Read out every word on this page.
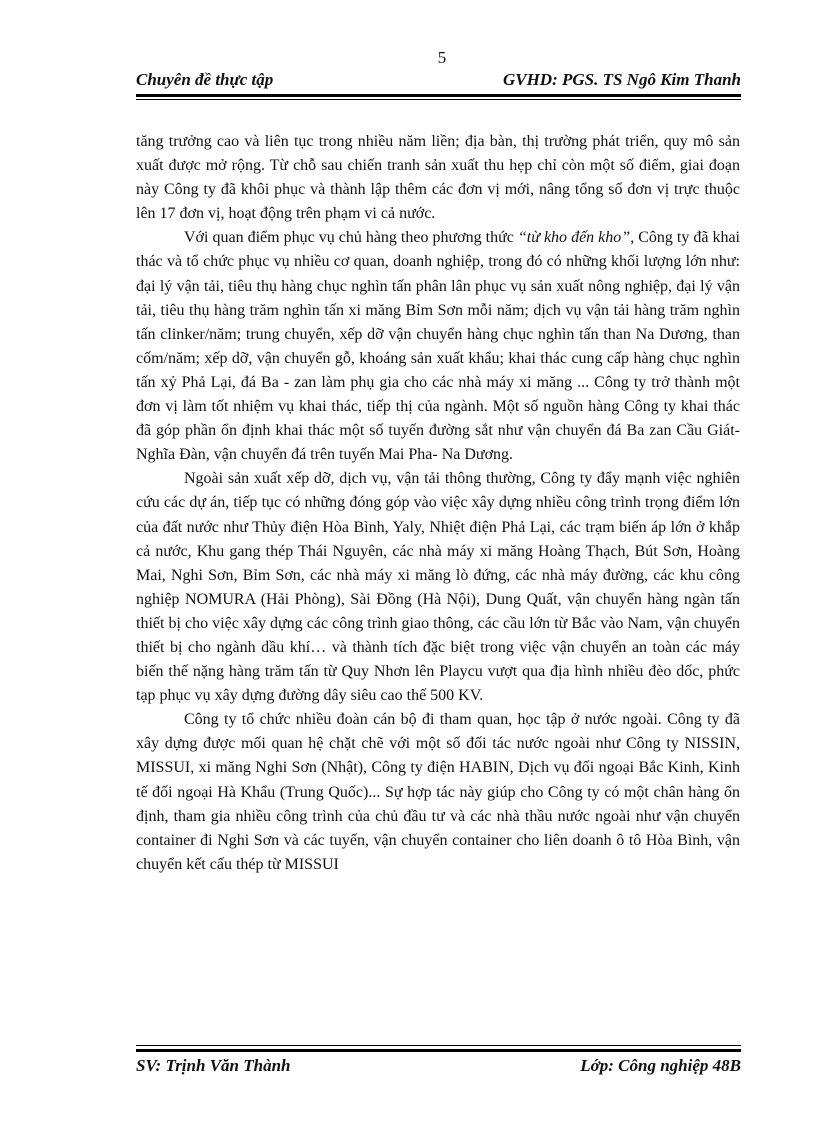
5
Chuyên đề thực tập	GVHD: PGS. TS Ngô Kim Thanh

tăng trưởng cao và liên tục trong nhiều năm liền; địa bàn, thị trường phát triển, quy mô sản xuất được mở rộng. Từ chỗ sau chiến tranh sản xuất thu hẹp chỉ còn một số điểm, giai đoạn này Công ty đã khôi phục và thành lập thêm các đơn vị mới, nâng tổng số đơn vị trực thuộc lên 17 đơn vị, hoạt động trên phạm vi cả nước.

Với quan điểm phục vụ chủ hàng theo phương thức “từ kho đến kho”, Công ty đã khai thác và tổ chức phục vụ nhiều cơ quan, doanh nghiệp, trong đó có những khối lượng lớn như: đại lý vận tải, tiêu thụ hàng chục nghìn tấn phân lân phục vụ sản xuất nông nghiệp, đại lý vận tải, tiêu thụ hàng trăm nghìn tấn xi măng Bỉm Sơn mỗi năm; dịch vụ vận tải hàng trăm nghìn tấn clinker/năm; trung chuyển, xếp dỡ vận chuyển hàng chục nghìn tấn than Na Dương, than cốm/năm; xếp dỡ, vận chuyển gỗ, khoáng sản xuất khẩu; khai thác cung cấp hàng chục nghìn tấn xỷ Phả Lại, đá Ba - zan làm phụ gia cho các nhà máy xi măng ... Công ty trở thành một đơn vị làm tốt nhiệm vụ khai thác, tiếp thị của ngành. Một số nguồn hàng Công ty khai thác đã góp phần ổn định khai thác một số tuyến đường sắt như vận chuyển đá Ba zan Cầu Giát- Nghĩa Đàn, vận chuyển đá trên tuyến Mai Pha- Na Dương.

Ngoài sản xuất xếp dỡ, dịch vụ, vận tải thông thường, Công ty đẩy mạnh việc nghiên cứu các dự án, tiếp tục có những đóng góp vào việc xây dựng nhiều công trình trọng điểm lớn của đất nước như Thủy điện Hòa Bình, Yaly, Nhiệt điện Phả Lại, các trạm biến áp lớn ở khắp cả nước, Khu gang thép Thái Nguyên, các nhà máy xi măng Hoàng Thạch, Bút Sơn, Hoàng Mai, Nghi Sơn, Bỉm Sơn, các nhà máy xi măng lò đứng, các nhà máy đường, các khu công nghiệp NOMURA (Hải Phòng), Sài Đồng (Hà Nội), Dung Quất, vận chuyển hàng ngàn tấn thiết bị cho việc xây dựng các công trình giao thông, các cầu lớn từ Bắc vào Nam, vận chuyển thiết bị cho ngành dầu khí… và thành tích đặc biệt trong việc vận chuyển an toàn các máy biến thế nặng hàng trăm tấn từ Quy Nhơn lên Playcu vượt qua địa hình nhiều đèo dốc, phức tạp phục vụ xây dựng đường dây siêu cao thế 500 KV.

Công ty tổ chức nhiều đoàn cán bộ đi tham quan, học tập ở nước ngoài. Công ty đã xây dựng được mối quan hệ chặt chẽ với một số đối tác nước ngoài như Công ty NISSIN, MISSUI, xi măng Nghi Sơn (Nhật), Công ty điện HABIN, Dịch vụ đối ngoại Bắc Kinh, Kinh tế đối ngoại Hà Khẩu (Trung Quốc)... Sự hợp tác này giúp cho Công ty có một chân hàng ổn định, tham gia nhiều công trình của chủ đầu tư và các nhà thầu nước ngoài như vận chuyển container đi Nghi Sơn và các tuyến, vận chuyển container cho liên doanh ô tô Hòa Bình, vận chuyển kết cấu thép từ MISSUI

SV: Trịnh Văn Thành	Lớp: Công nghiệp 48B
